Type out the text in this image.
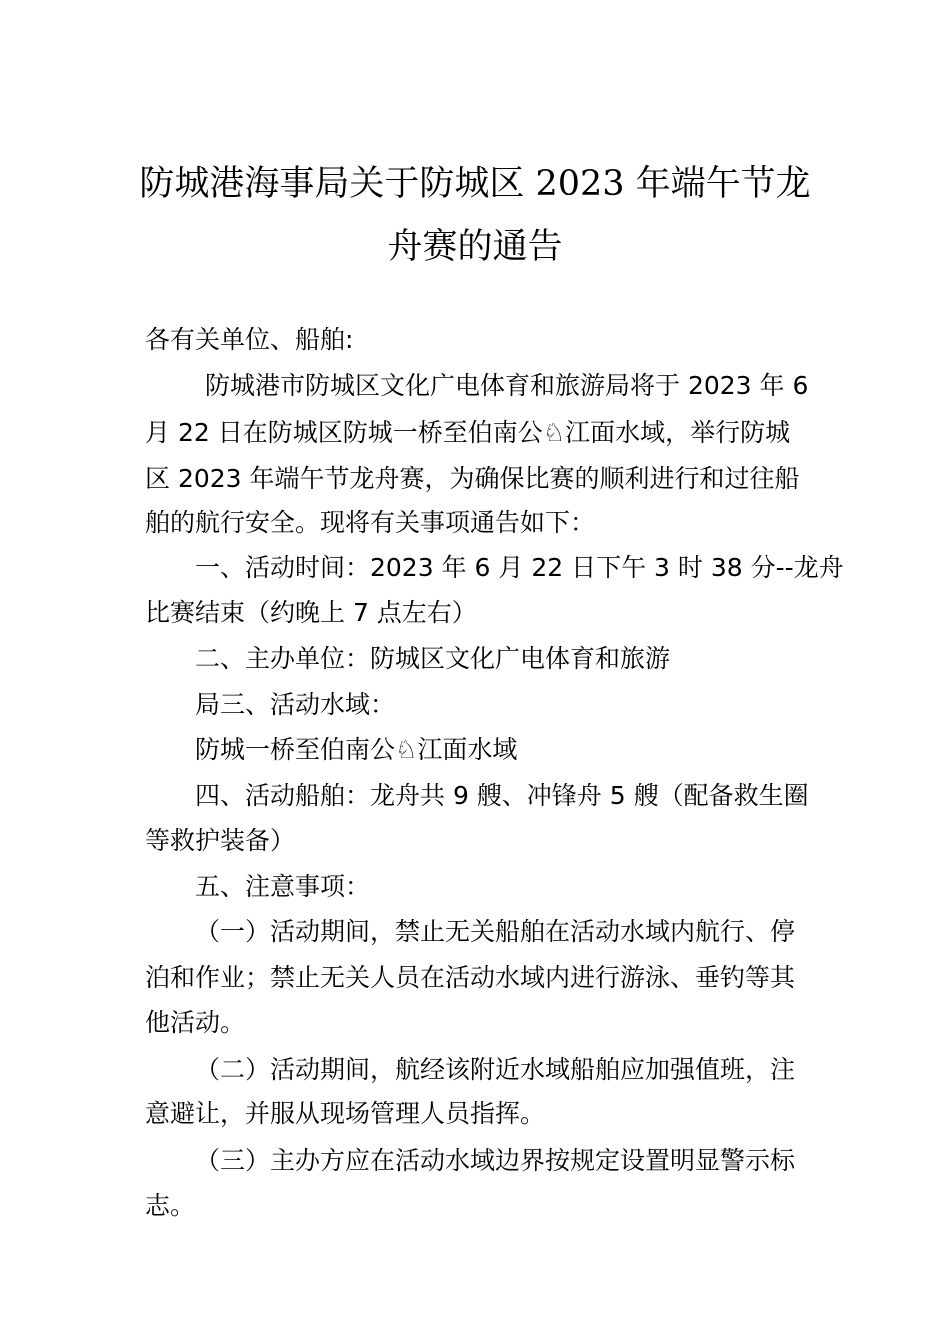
防城港海事局关于防城区 2023 年端午节龙
舟赛的通告
各有关单位、船舶:
防城港市防城区文化广电体育和旅游局将于 2023 年 6
月 22 日在防城区防城一桥至伯南公♘江面水域，举行防城
区 2023 年端午节龙舟赛，为确保比赛的顺利进行和过往船
舶的航行安全。现将有关事项通告如下：
一、活动时间：2023 年 6 月 22 日下午 3 时 38 分--龙舟
比赛结束（约晚上 7 点左右）
二、主办单位：防城区文化广电体育和旅游
局三、活动水域：
防城一桥至伯南公♘江面水域
四、活动船舶：龙舟共 9 艘、冲锋舟 5 艘（配备救生圈
等救护装备）
五、注意事项：
（一）活动期间，禁止无关船舶在活动水域内航行、停
泊和作业；禁止无关人员在活动水域内进行游泳、垂钓等其
他活动。
（二）活动期间，航经该附近水域船舶应加强值班，注
意避让，并服从现场管理人员指挥。
（三）主办方应在活动水域边界按规定设置明显警示标
志。
